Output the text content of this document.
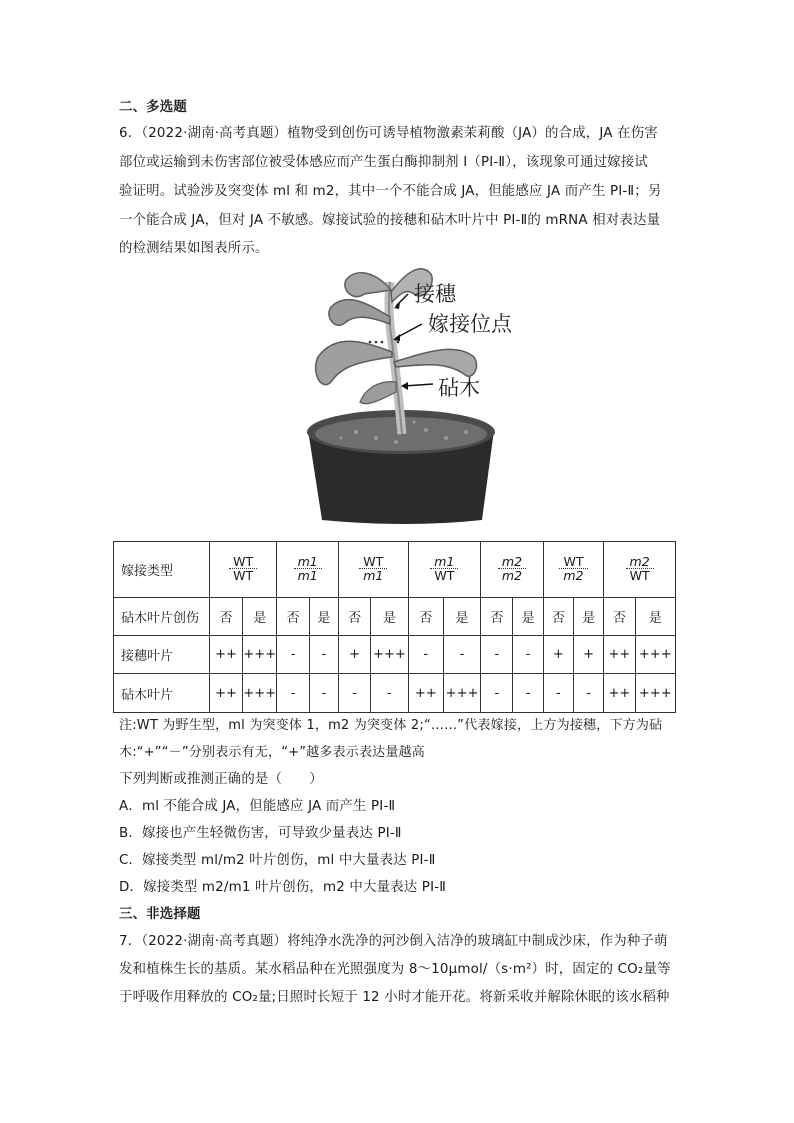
二、多选题
6．（2022·湖南·高考真题）植物受到创伤可诱导植物激素茉莉酸（JA）的合成，JA 在伤害
部位或运输到未伤害部位被受体感应而产生蛋白酶抑制剂 I（PI-Ⅱ），该现象可通过嫁接试
验证明。试验涉及突变体 ml 和 m2，其中一个不能合成 JA，但能感应 JA 而产生 PI-Ⅱ；另
一个能合成 JA，但对 JA 不敏感。嫁接试验的接穗和砧木叶片中 PI-Ⅱ的 mRNA 相对表达量
的检测结果如图表所示。
接穗
嫁接位点
砧木
嫁接类型	$\frac{WT}{WT}$		$\frac{m1}{m1}$		$\frac{WT}{m1}$		$\frac{m1}{WT}$		$\frac{m2}{m2}$		$\frac{WT}{m2}$		$\frac{m2}{WT}$

砧木叶片创伤	否	是	否	是	否	是	否	是	否	是	否	是	否	是
接穗叶片	++	+++	-	-	+	+++	-	-	-	-	+	+	++	+++
砧木叶片	++	+++	-	-	-	-	++	+++	-	-	-	-	++	+++
注:WT 为野生型，ml 为突变体 1，m2 为突变体 2;“……”代表嫁接，上方为接穗，下方为砧
木:“+”“－”分别表示有无，“+”越多表示表达量越高
下列判断或推测正确的是（　　）
A．ml 不能合成 JA，但能感应 JA 而产生 PI-Ⅱ
B．嫁接也产生轻微伤害，可导致少量表达 PI-Ⅱ
C．嫁接类型 ml/m2 叶片创伤，ml 中大量表达 PI-Ⅱ
D．嫁接类型 m2/m1 叶片创伤，m2 中大量表达 PI-Ⅱ
三、非选择题
7．（2022·湖南·高考真题）将纯净水洗净的河沙倒入洁净的玻璃缸中制成沙床，作为种子萌
发和植株生长的基质。某水稻品种在光照强度为 8～10μmol/（s·m²）时，固定的 CO₂量等
于呼吸作用释放的 CO₂量;日照时长短于 12 小时才能开花。将新采收并解除休眠的该水稻种
